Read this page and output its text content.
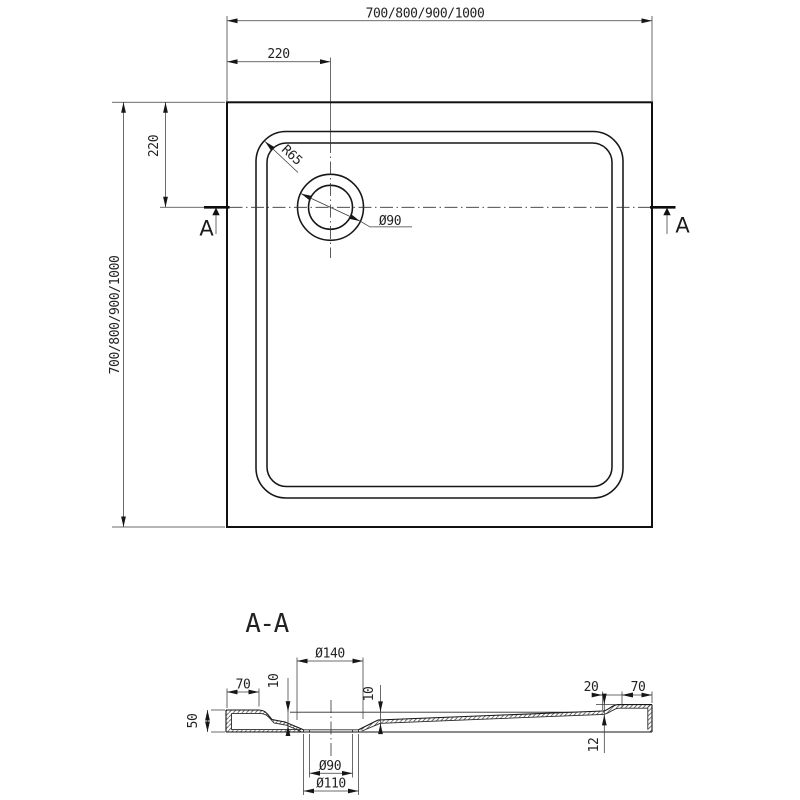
700/800/900/1000
220
700/800/900/1000
220
A	A
R65
Ø90
A-A
Ø140
70
50
10
10
Ø90
Ø110
20 70
12
